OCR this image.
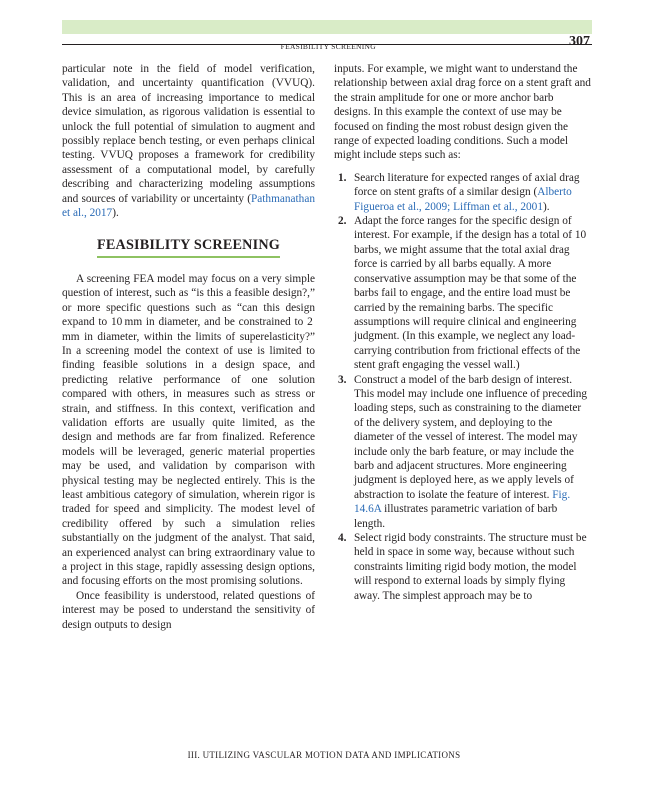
FEASIBILITY SCREENING	307

particular note in the field of model verification, validation, and uncertainty quantification (VVUQ). This is an area of increasing importance to medical device simulation, as rigorous validation is essential to unlock the full potential of simulation to augment and possibly replace bench testing, or even perhaps clinical testing. VVUQ proposes a framework for credibility assessment of a computational model, by carefully describing and characterizing modeling assumptions and sources of variability or uncertainty (Pathmanathan et al., 2017).

FEASIBILITY SCREENING

A screening FEA model may focus on a very simple question of interest, such as “is this a feasible design?,” or more specific questions such as “can this design expand to 10 mm in diameter, and be constrained to 2 mm in diameter, within the limits of superelasticity?” In a screening model the context of use is limited to finding feasible solutions in a design space, and predicting relative performance of one solution compared with others, in measures such as stress or strain, and stiffness. In this context, verification and validation efforts are usually quite limited, as the design and methods are far from finalized. Reference models will be leveraged, generic material properties may be used, and validation by comparison with physical testing may be neglected entirely. This is the least ambitious category of simulation, wherein rigor is traded for speed and simplicity. The modest level of credibility offered by such a simulation relies substantially on the judgment of the analyst. That said, an experienced analyst can bring extraordinary value to a project in this stage, rapidly assessing design options, and focusing efforts on the most promising solutions.

Once feasibility is understood, related questions of interest may be posed to understand the sensitivity of design outputs to design

inputs. For example, we might want to understand the relationship between axial drag force on a stent graft and the strain amplitude for one or more anchor barb designs. In this example the context of use may be focused on finding the most robust design given the range of expected loading conditions. Such a model might include steps such as:

1. Search literature for expected ranges of axial drag force on stent grafts of a similar design (Alberto Figueroa et al., 2009; Liffman et al., 2001).
2. Adapt the force ranges for the specific design of interest. For example, if the design has a total of 10 barbs, we might assume that the total axial drag force is carried by all barbs equally. A more conservative assumption may be that some of the barbs fail to engage, and the entire load must be carried by the remaining barbs. The specific assumptions will require clinical and engineering judgment. (In this example, we neglect any load-carrying contribution from frictional effects of the stent graft engaging the vessel wall.)
3. Construct a model of the barb design of interest. This model may include one influence of preceding loading steps, such as constraining to the diameter of the delivery system, and deploying to the diameter of the vessel of interest. The model may include only the barb feature, or may include the barb and adjacent structures. More engineering judgment is deployed here, as we apply levels of abstraction to isolate the feature of interest. Fig. 14.6A illustrates parametric variation of barb length.
4. Select rigid body constraints. The structure must be held in space in some way, because without such constraints limiting rigid body motion, the model will respond to external loads by simply flying away. The simplest approach may be to
III. UTILIZING VASCULAR MOTION DATA AND IMPLICATIONS
